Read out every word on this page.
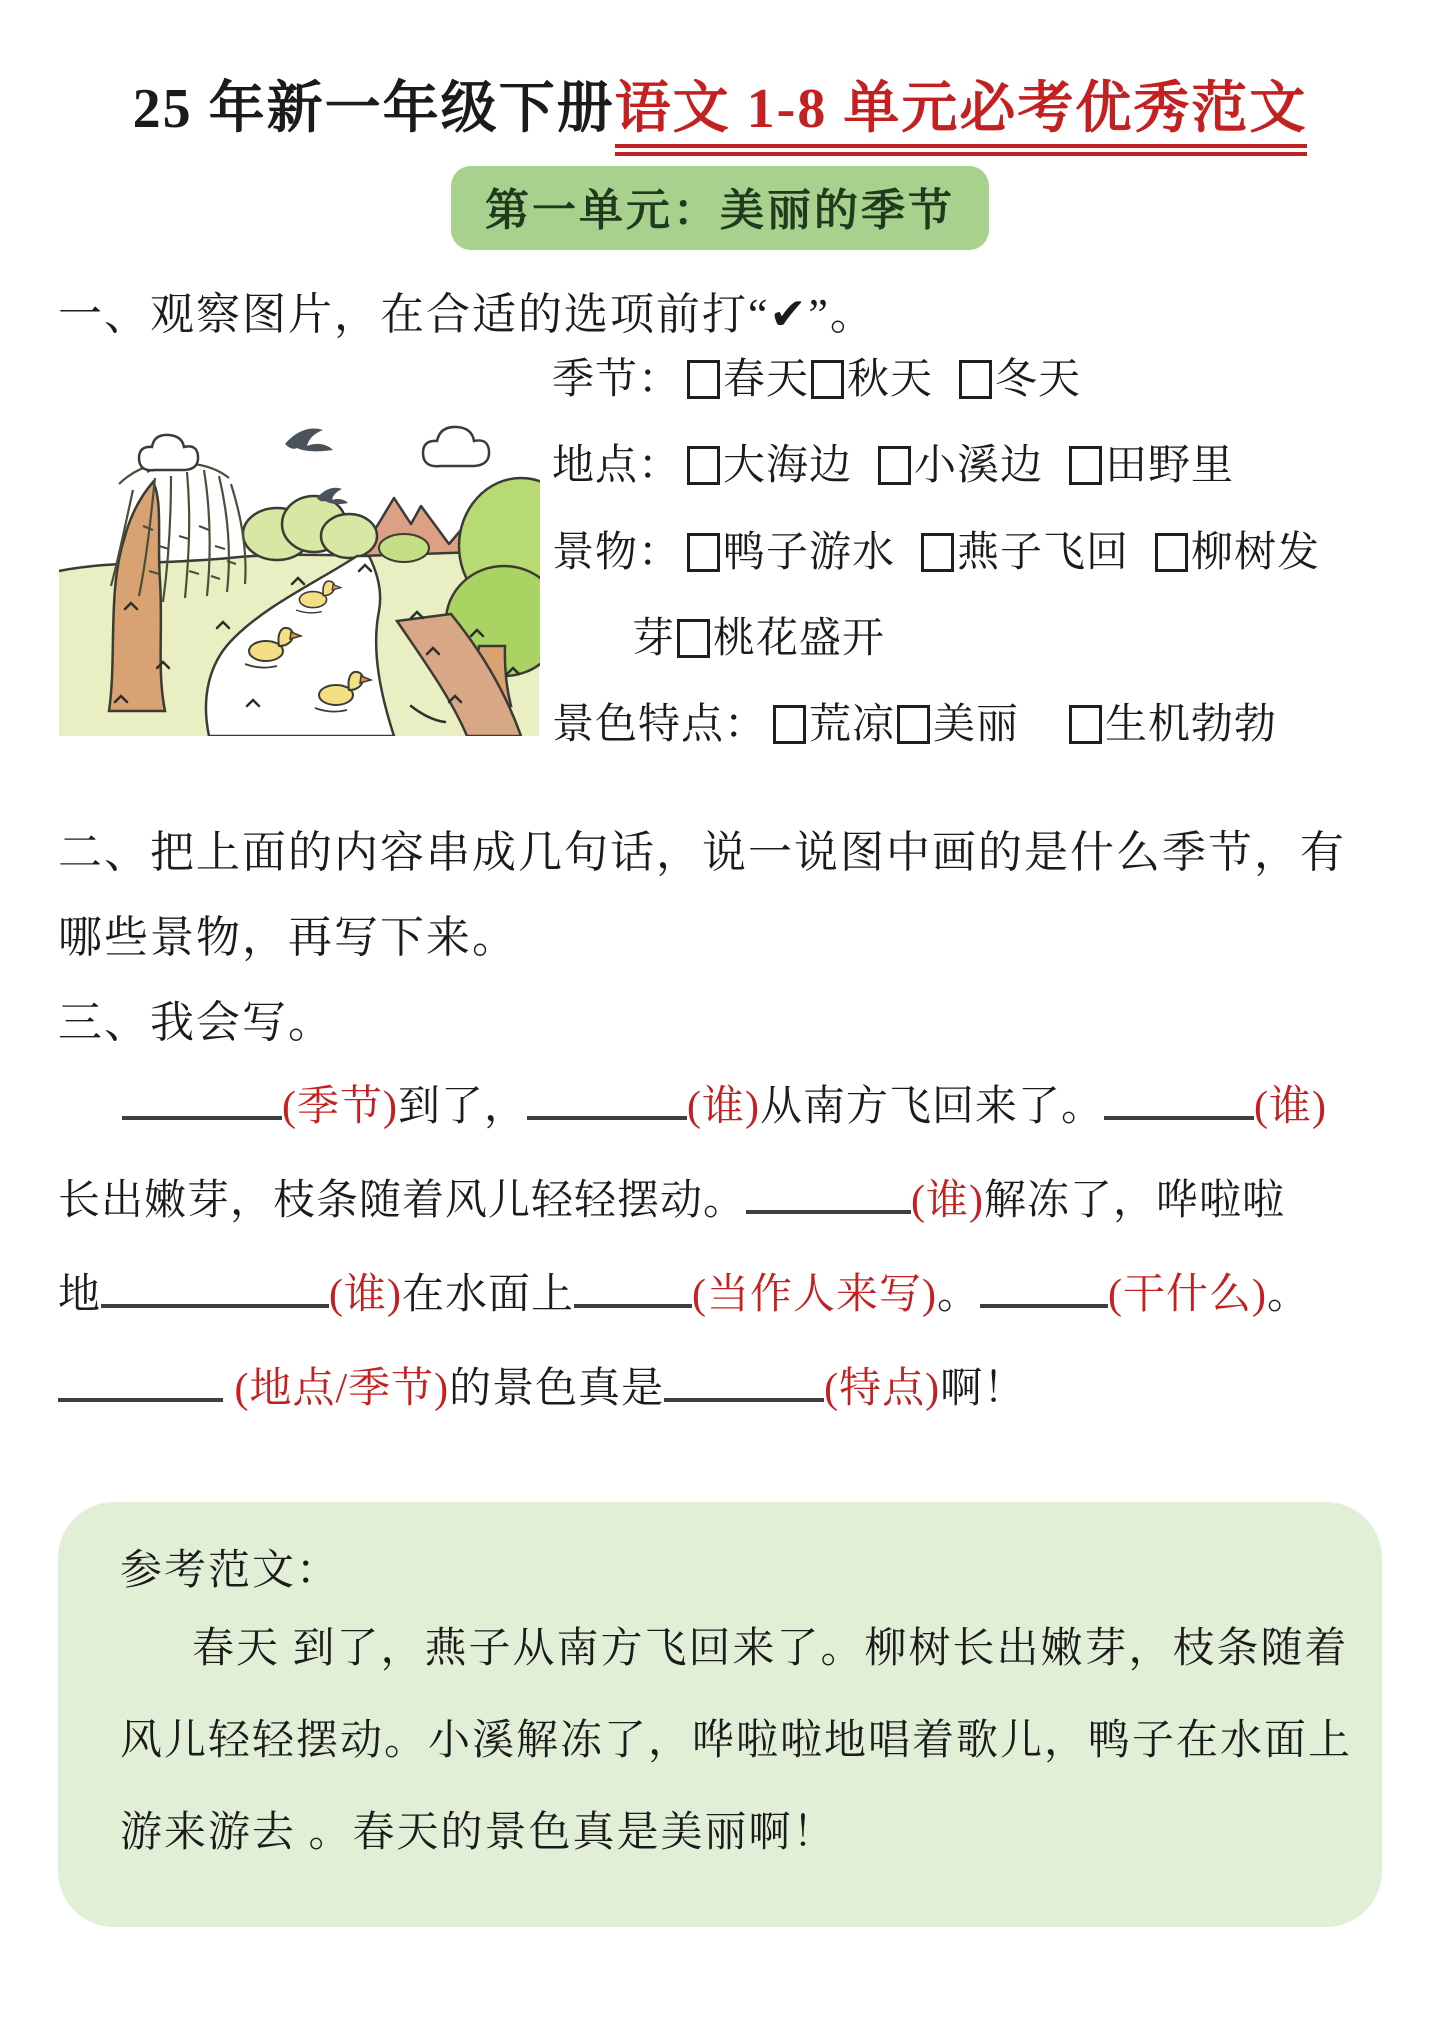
25 年新一年级下册语文 1-8 单元必考优秀范文
第一单元：美丽的季节
一、观察图片，在合适的选项前打“✔”。
季节： 春天 秋天 冬天
地点： 大海边 小溪边 田野里
景物： 鸭子游水 燕子飞回 柳树发
芽 桃花盛开
景色特点： 荒凉 美丽 生机勃勃
二、把上面的内容串成几句话，说一说图中画的是什么季节，有
哪些景物，再写下来。
三、我会写。
(季节)到了，	(谁)从南方飞回来了。	(谁)
长出嫩芽，枝条随着风儿轻轻摆动。	(谁)解冻了，哗啦啦
地	(谁)在水面上	(当作人来写)。	(干什么)。
(地点/季节)的景色真是	(特点)啊！
参考范文：
春天 到了，燕子从南方飞回来了。柳树长出嫩芽，枝条随着
风儿轻轻摆动。小溪解冻了，哗啦啦地唱着歌儿，鸭子在水面上
游来游去 。春天的景色真是美丽啊！
